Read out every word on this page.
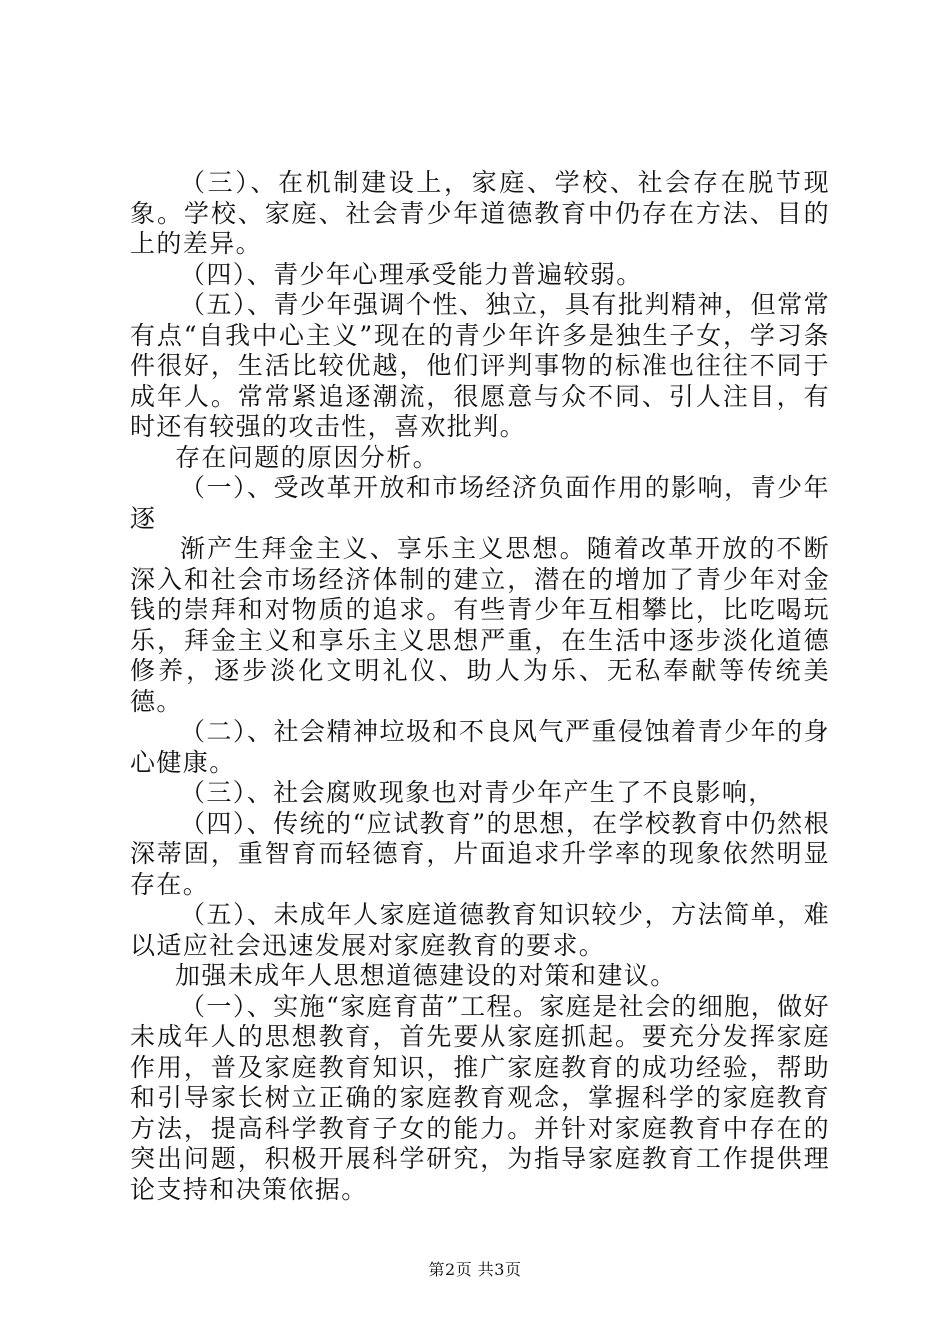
（三）、在机制建设上，家庭、学校、社会存在脱节现象。学校、家庭、社会青少年道德教育中仍存在方法、目的上的差异。

（四）、青少年心理承受能力普遍较弱。

（五）、青少年强调个性、独立，具有批判精神，但常常有点“自我中心主义”现在的青少年许多是独生子女，学习条件很好，生活比较优越，他们评判事物的标准也往往不同于成年人。常常紧追逐潮流，很愿意与众不同、引人注目，有时还有较强的攻击性，喜欢批判。

存在问题的原因分析。

（一）、受改革开放和市场经济负面作用的影响，青少年逐

渐产生拜金主义、享乐主义思想。随着改革开放的不断深入和社会市场经济体制的建立，潜在的增加了青少年对金钱的崇拜和对物质的追求。有些青少年互相攀比，比吃喝玩乐，拜金主义和享乐主义思想严重，在生活中逐步淡化道德修养，逐步淡化文明礼仪、助人为乐、无私奉献等传统美德。

（二）、社会精神垃圾和不良风气严重侵蚀着青少年的身心健康。

（三）、社会腐败现象也对青少年产生了不良影响，

（四）、传统的“应试教育”的思想，在学校教育中仍然根深蒂固，重智育而轻德育，片面追求升学率的现象依然明显存在。

（五）、未成年人家庭道德教育知识较少，方法简单，难以适应社会迅速发展对家庭教育的要求。

加强未成年人思想道德建设的对策和建议。

（一）、实施“家庭育苗”工程。家庭是社会的细胞，做好未成年人的思想教育，首先要从家庭抓起。要充分发挥家庭作用，普及家庭教育知识，推广家庭教育的成功经验，帮助和引导家长树立正确的家庭教育观念，掌握科学的家庭教育方法，提高科学教育子女的能力。并针对家庭教育中存在的突出问题，积极开展科学研究，为指导家庭教育工作提供理论支持和决策依据。

第2页 共3页
